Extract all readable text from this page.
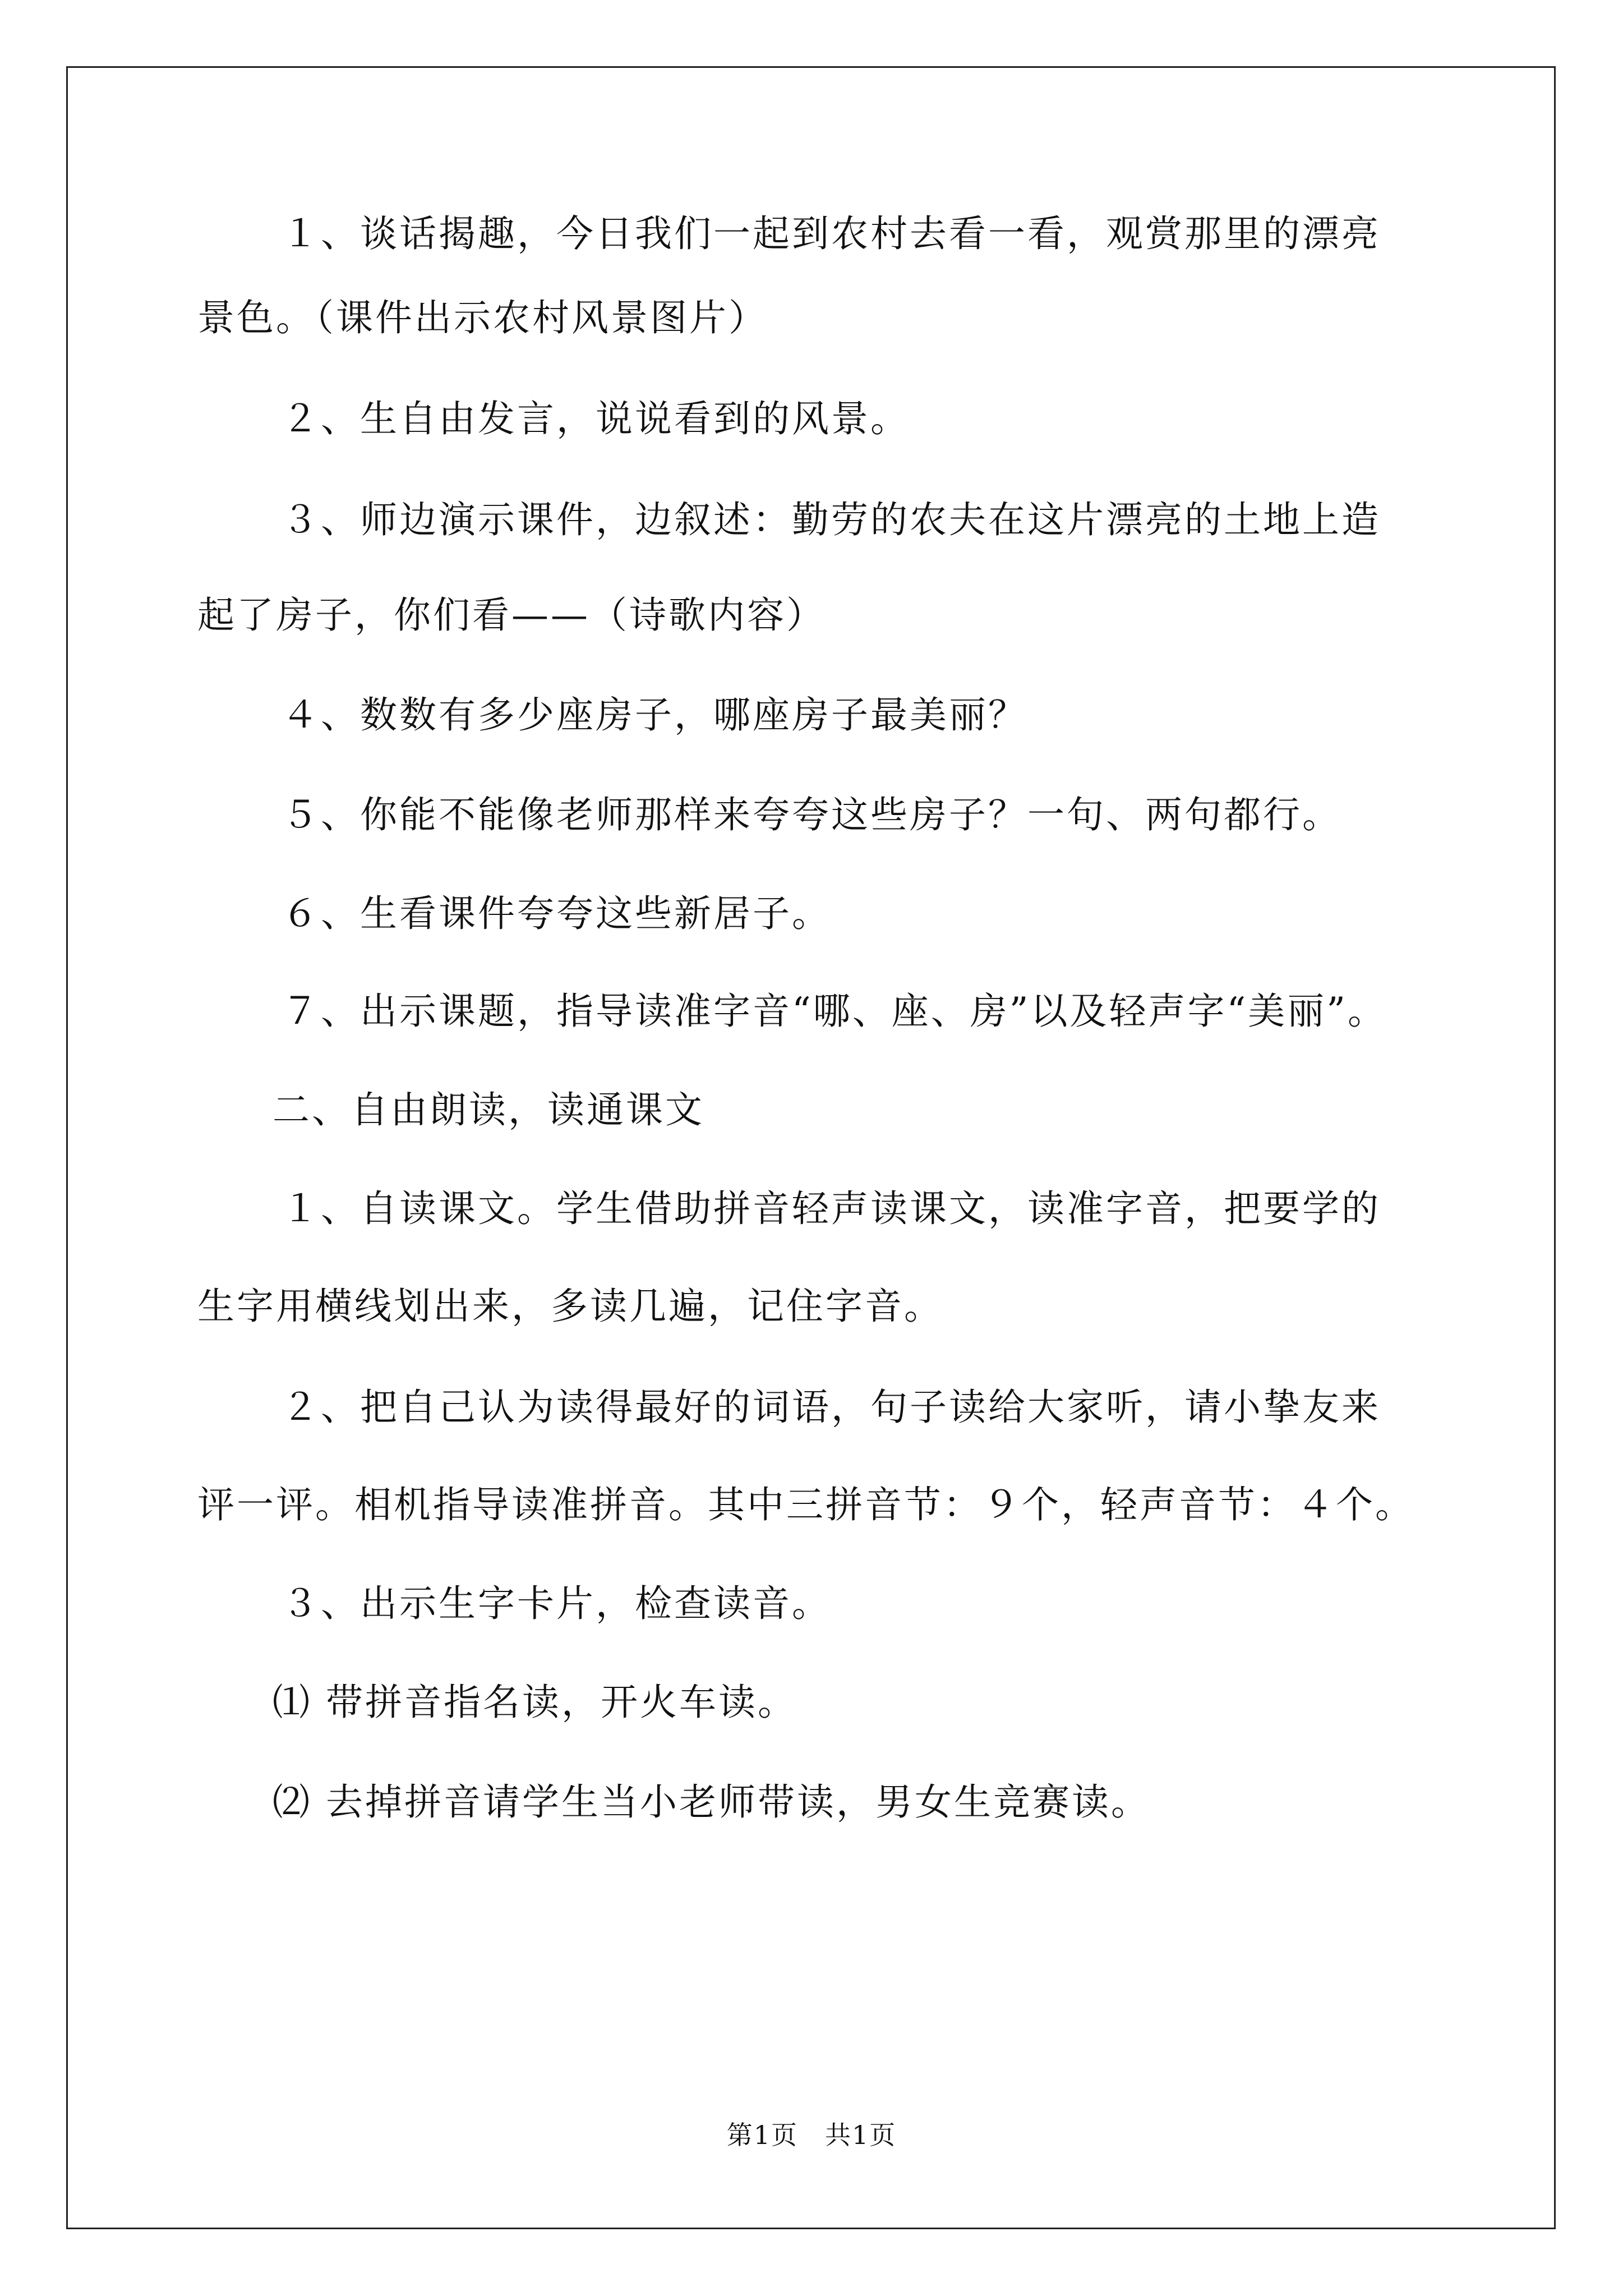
１、谈话揭趣，今日我们一起到农村去看一看，观赏那里的漂亮
景色。（课件出示农村风景图片）
２、生自由发言，说说看到的风景。
３、师边演示课件，边叙述：勤劳的农夫在这片漂亮的土地上造
起了房子，你们看——（诗歌内容）
４、数数有多少座房子，哪座房子最美丽？
５、你能不能像老师那样来夸夸这些房子？一句、两句都行。
６、生看课件夸夸这些新居子。
７、出示课题，指导读准字音“哪、座、房”以及轻声字“美丽”。
二、自由朗读，读通课文
１、自读课文。学生借助拼音轻声读课文，读准字音，把要学的
生字用横线划出来，多读几遍，记住字音。
２、把自己认为读得最好的词语，句子读给大家听，请小挚友来
评一评。相机指导读准拼音。其中三拼音节：９个，轻声音节：４个。
３、出示生字卡片，检查读音。
⑴ 带拼音指名读，开火车读。
⑵ 去掉拼音请学生当小老师带读，男女生竞赛读。
第1页　共1页
